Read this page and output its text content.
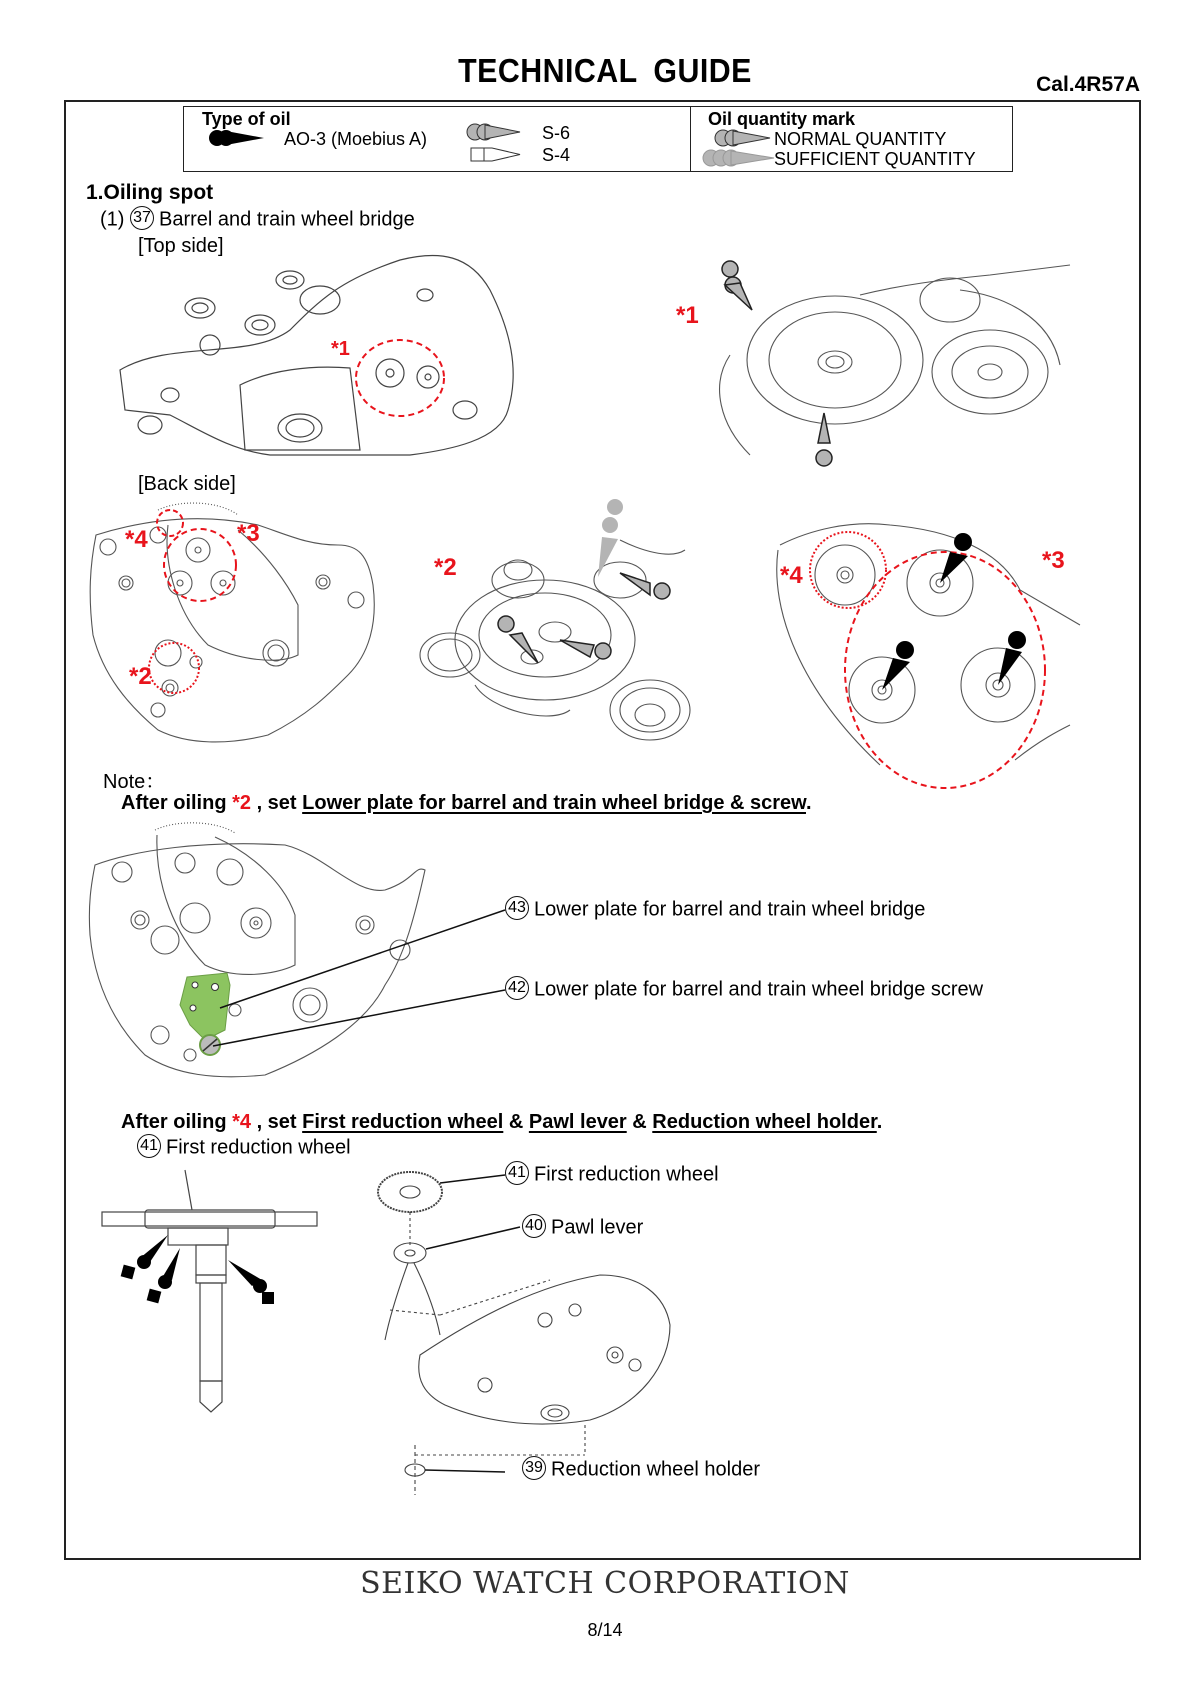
TECHNICAL GUIDE	Cal.4R57A
Type of oil
AO-3 (Moebius A)	S-6
S-4
Oil quantity mark
NORMAL QUANTITY
SUFFICIENT QUANTITY
1.Oiling spot
(1) 37 Barrel and train wheel bridge
[Top side]
*1
*1
[Back side]
*4	*3
*2
*2	*4
*3
Note：
After oiling *2 , set Lower plate for barrel and train wheel bridge & screw.
43 Lower plate for barrel and train wheel bridge
42 Lower plate for barrel and train wheel bridge screw
After oiling *4 , set First reduction wheel & Pawl lever & Reduction wheel holder.
41 First reduction wheel
41 First reduction wheel
40 Pawl lever
39 Reduction wheel holder
SEIKO WATCH CORPORATION
8/14
